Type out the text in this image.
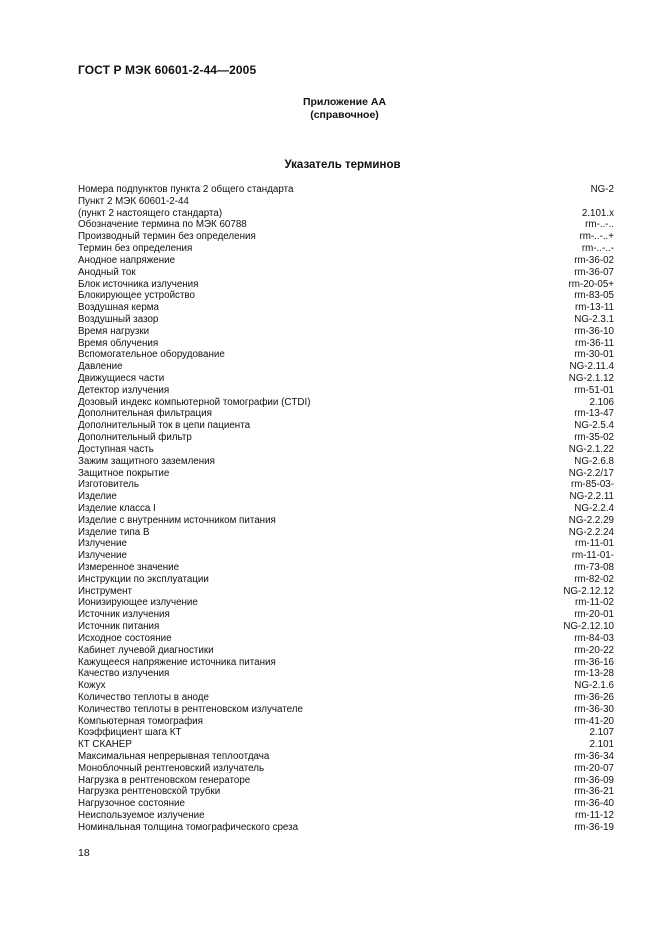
ГОСТ Р МЭК 60601-2-44—2005
Приложение АА
(справочное)
Указатель терминов
Номера подпунктов пункта 2 общего стандарта	NG-2
Пункт 2 МЭК 60601-2-44
(пункт 2 настоящего стандарта)	2.101.x
Обозначение термина по МЭК 60788	rm-..-..
Производный термин без определения	rm-..-..+
Термин без определения	rm-..-..-
Анодное напряжение	rm-36-02
Анодный ток	rm-36-07
Блок источника излучения	rm-20-05+
Блокирующее устройство	rm-83-05
Воздушная керма	rm-13-11
Воздушный зазор	NG-2.3.1
Время нагрузки	rm-36-10
Время облучения	rm-36-11
Вспомогательное оборудование	rm-30-01
Давление	NG-2.11.4
Движущиеся части	NG-2.1.12
Детектор излучения	rm-51-01
Дозовый индекс компьютерной томографии (CTDI)	2.106
Дополнительная фильтрация	rm-13-47
Дополнительный ток в цепи пациента	NG-2.5.4
Дополнительный фильтр	rm-35-02
Доступная часть	NG-2.1.22
Зажим защитного заземления	NG-2.6.8
Защитное покрытие	NG-2.2/17
Изготовитель	rm-85-03-
Изделие	NG-2.2.11
Изделие класса I	NG-2.2.4
Изделие с внутренним источником питания	NG-2.2.29
Изделие типа В	NG-2.2.24
Излучение	rm-11-01
Излучение	rm-11-01-
Измеренное значение	rm-73-08
Инструкции по эксплуатации	rm-82-02
Инструмент	NG-2.12.12
Ионизирующее излучение	rm-11-02
Источник излучения	rm-20-01
Источник питания	NG-2.12.10
Исходное состояние	rm-84-03
Кабинет лучевой диагностики	rm-20-22
Кажущееся напряжение источника питания	rm-36-16
Качество излучения	rm-13-28
Кожух	NG-2.1.6
Количество теплоты в аноде	rm-36-26
Количество теплоты в рентгеновском излучателе	rm-36-30
Компьютерная томография	rm-41-20
Коэффициент шага КТ	2.107
КТ СКАНЕР	2.101
Максимальная непрерывная теплоотдача	rm-36-34
Моноблочный рентгеновский излучатель	rm-20-07
Нагрузка в рентгеновском генераторе	rm-36-09
Нагрузка рентгеновской трубки	rm-36-21
Нагрузочное состояние	rm-36-40
Неиспользуемое излучение	rm-11-12
Номинальная толщина томографического среза	rm-36-19
18
